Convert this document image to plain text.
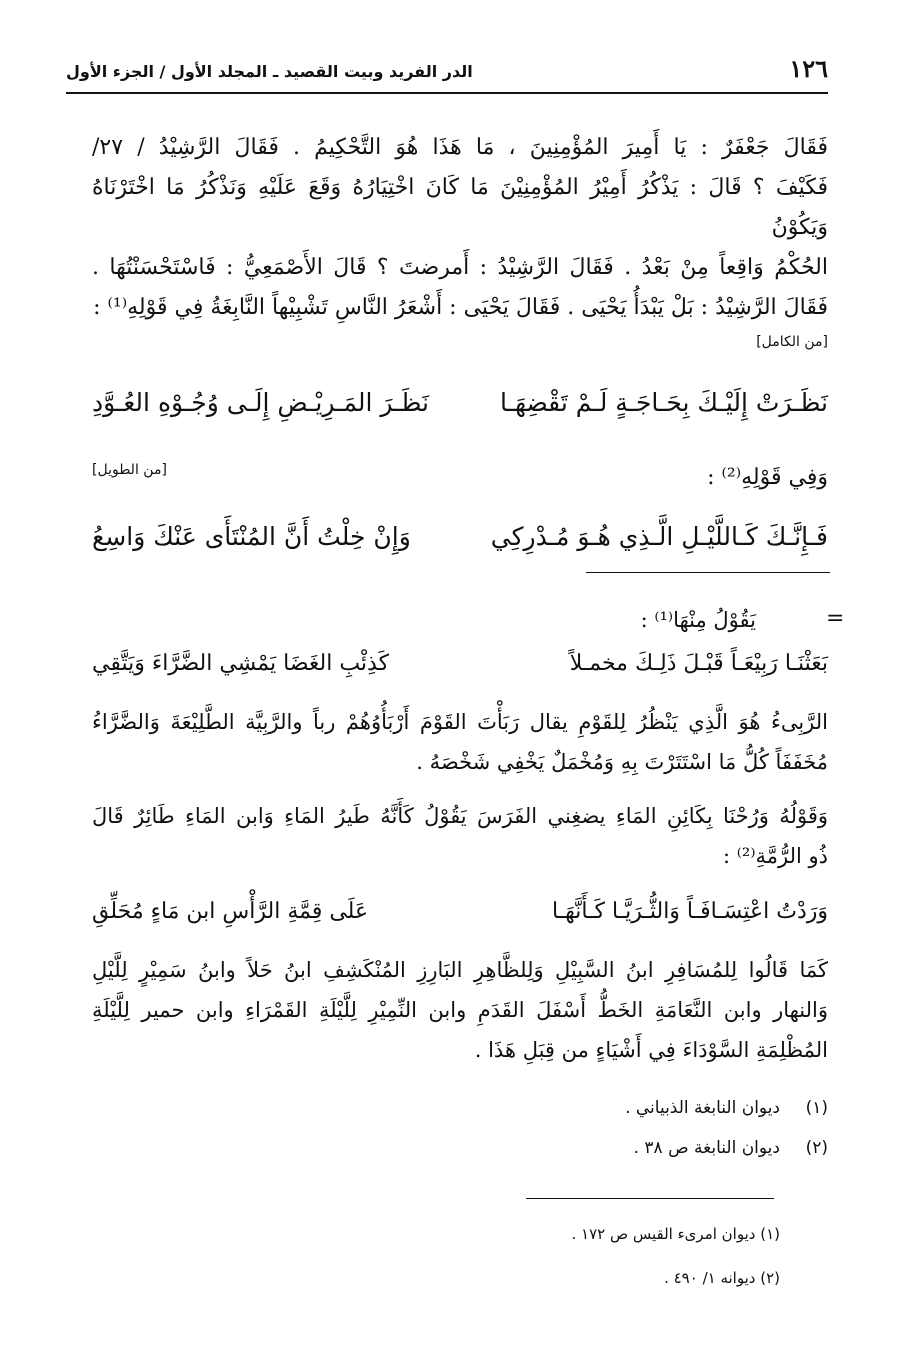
١٢٦
الدر الفريد وبيت القصيد ـ المجلد الأول / الجزء الأول

فَقَالَ جَعْفَرٌ : يَا أَمِيرَ المُؤْمِنِينَ ، مَا هَذَا هُوَ التَّحْكِيمُ . فَقَالَ الرَّشِيْدُ / ٢٧/

فَكَيْفَ ؟ قَالَ : يَذْكُرُ أَمِيْرُ المُؤْمِنِيْنَ مَا كَانَ اخْتِيَارُهُ وَقَعَ عَلَيْهِ وَنَذْكُرُ مَا اخْتَرْنَاهُ وَيَكُوْنُ

الحُكْمُ وَاقِعاً مِنْ بَعْدُ . فَقَالَ الرَّشِيْدُ : أَمرضتَ ؟ قَالَ الأَصْمَعِيُّ : فَاسْتَحْسَنْتُهَا .

فَقَالَ الرَّشِيْدُ : بَلْ يَبْدَأُ يَحْيَى . فَقَالَ يَحْيَى : أَشْعَرُ النَّاسِ تَشْبِيْهاً النَّابِغَةُ فِي قَوْلِهِ⁽¹⁾ :

[من الكامل]
نَظَـرَتْ إِلَيْـكَ بِحَـاجَـةٍ لَـمْ تَقْضِهَـا
نَظَـرَ المَـرِيْـضِ إِلَـى وُجُـوْهِ العُـوَّدِ
وَفِي قَوْلِهِ⁽²⁾ :
[من الطويل]
فَـإِنَّـكَ كَـاللَّيْـلِ الَّـذِي هُـوَ مُـدْرِكِي
وَإِنْ خِلْتُ أَنَّ المُنْتَأَى عَنْكَ وَاسِعُ
=
يَقُوْلُ مِنْهَا⁽¹⁾ :
بَعَثْنَـا رَبِيْعَـاً قَبْـلَ ذَلِـكَ مخمـلاً
كَذِئْبِ الغَضَا يَمْشِي الضَّرَّاءَ وَيَتَّقِي

الرَّبِىءُ هُوَ الَّذِي يَنْظُرُ لِلقَوْمِ يقال رَبَأْتَ القَوْمَ أَرْبَأُوُهُمْ رباً والرَّبِيَّة الطَّلِيْعَةَ وَالضَّرَّاءُ

مُخَفَفَاً كُلُّ مَا اسْتَتَرْتَ بِهِ وَمُخْمَلٌ يَخْفِي شَخْصَهُ .

وَقَوْلُهُ وَرُحْنَا بِكَائِنِ المَاءِ يضغِني الفَرَسَ يَقُوْلُ كَأَنَّهُ طَيرُ المَاءِ وَابن المَاءِ طَائِرٌ قَالَ

ذُو الرُّمَّةِ⁽²⁾ :

وَرَدْتُ اعْتِسَـافَـاً وَالثُّـرَيَّـا كَـأَنَّهَـا
عَلَى قِمَّةِ الرَّأْسِ ابن مَاءٍ مُحَلِّقِ

كَمَا قَالُوا لِلمُسَافِرِ ابنُ السَّبِيْلِ وَلِلظَّاهِرِ البَارِزِ المُنْكَشِفِ ابنُ حَلاً وابنُ سَمِيْرٍ لِلَّيْلِ

وَالنهار وابن النَّعَامَةِ الخَطُّ أَسْفَلَ القَدَمِ وابن النِّمِيْرِ لِلَّيْلَةِ القَمْرَاءِ وابن حمير لِلَّيْلَةِ

المُظْلِمَةِ السَّوْدَاءَ فِي أَشْيَاءٍ من قِبَلِ هَذَا .

(١)
ديوان النابغة الذبياني .
(٢)
ديوان النابغة ص ٣٨ .
(١) ديوان امرىء القيس ص ١٧٢ .
(٢) ديوانه ١/ ٤٩٠ .
